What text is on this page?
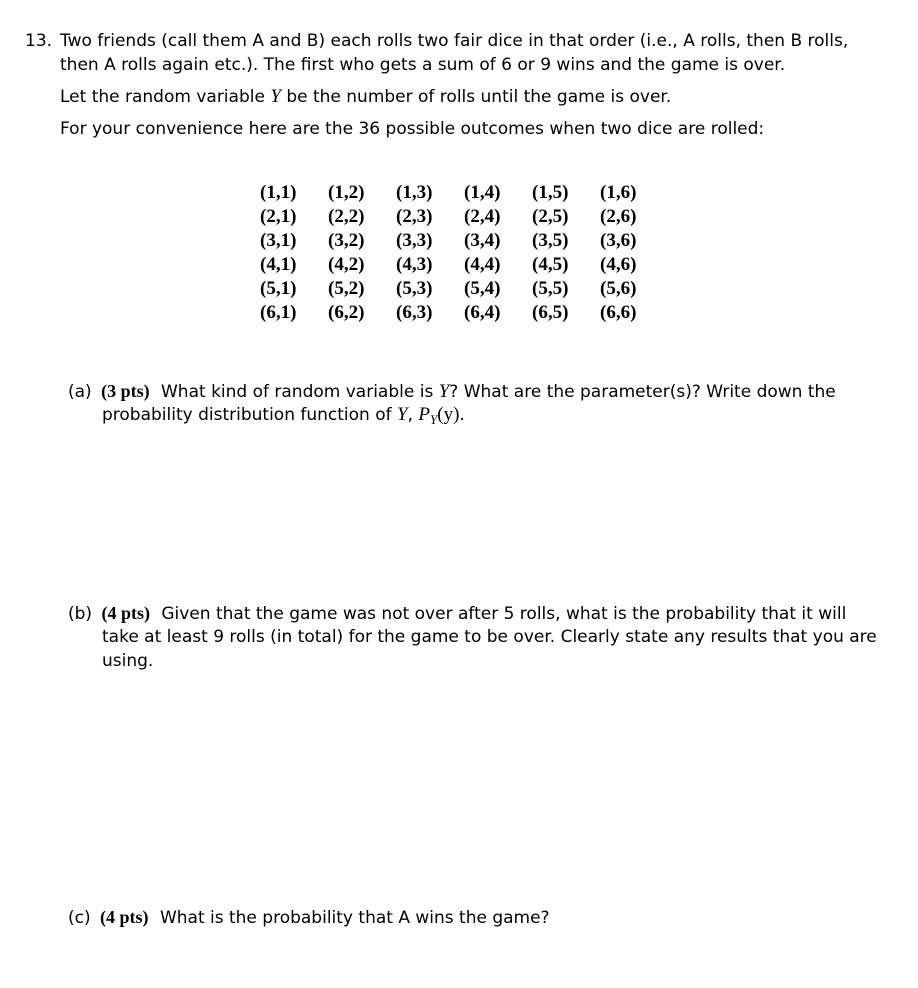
13. Two friends (call them A and B) each rolls two fair dice in that order (i.e., A rolls, then B rolls,
then A rolls again etc.). The first who gets a sum of 6 or 9 wins and the game is over.
Let the random variable Y be the number of rolls until the game is over.
For your convenience here are the 36 possible outcomes when two dice are rolled:
(1,1) (1,2) (1,3) (1,4) (1,5) (1,6)
(2,1) (2,2) (2,3) (2,4) (2,5) (2,6)
(3,1) (3,2) (3,3) (3,4) (3,5) (3,6)
(4,1) (4,2) (4,3) (4,4) (4,5) (4,6)
(5,1) (5,2) (5,3) (5,4) (5,5) (5,6)
(6,1) (6,2) (6,3) (6,4) (6,5) (6,6)
(a) (3 pts) What kind of random variable is Y? What are the parameter(s)? Write down the
probability distribution function of Y, $P_Y(y)$.
(b) (4 pts) Given that the game was not over after 5 rolls, what is the probability that it will
take at least 9 rolls (in total) for the game to be over. Clearly state any results that you are
using.
(c) (4 pts) What is the probability that A wins the game?
